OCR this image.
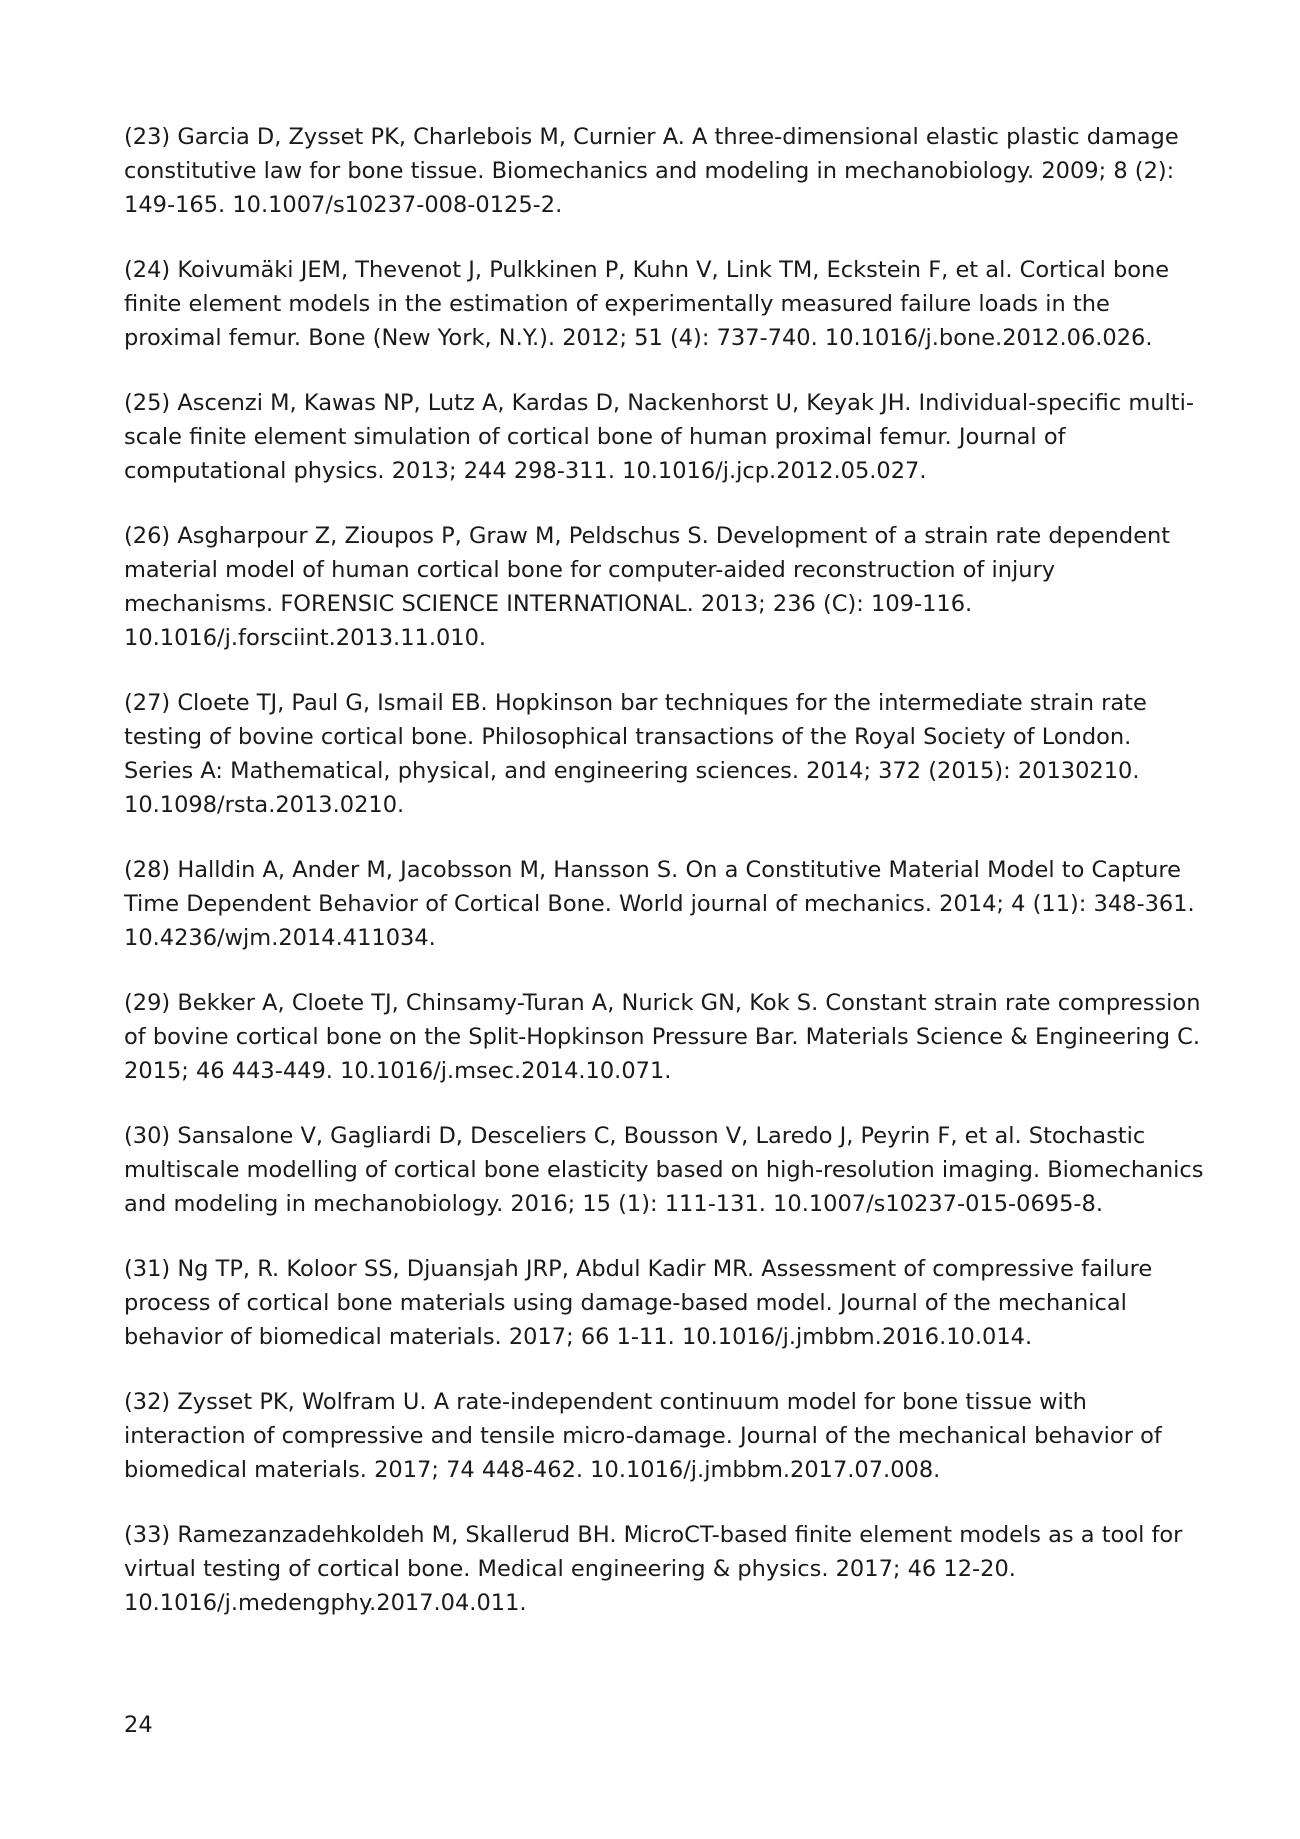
(23) Garcia D, Zysset PK, Charlebois M, Curnier A. A three-dimensional elastic plastic damage constitutive law for bone tissue. Biomechanics and modeling in mechanobiology. 2009; 8 (2): 149-165. 10.1007/s10237-008-0125-2.
(24) Koivumäki JEM, Thevenot J, Pulkkinen P, Kuhn V, Link TM, Eckstein F, et al. Cortical bone finite element models in the estimation of experimentally measured failure loads in the proximal femur. Bone (New York, N.Y.). 2012; 51 (4): 737-740. 10.1016/j.bone.2012.06.026.
(25) Ascenzi M, Kawas NP, Lutz A, Kardas D, Nackenhorst U, Keyak JH. Individual-specific multi-scale finite element simulation of cortical bone of human proximal femur. Journal of computational physics. 2013; 244 298-311. 10.1016/j.jcp.2012.05.027.
(26) Asgharpour Z, Zioupos P, Graw M, Peldschus S. Development of a strain rate dependent material model of human cortical bone for computer-aided reconstruction of injury mechanisms. FORENSIC SCIENCE INTERNATIONAL. 2013; 236 (C): 109-116. 10.1016/j.forsciint.2013.11.010.
(27) Cloete TJ, Paul G, Ismail EB. Hopkinson bar techniques for the intermediate strain rate testing of bovine cortical bone. Philosophical transactions of the Royal Society of London. Series A: Mathematical, physical, and engineering sciences. 2014; 372 (2015): 20130210. 10.1098/rsta.2013.0210.
(28) Halldin A, Ander M, Jacobsson M, Hansson S. On a Constitutive Material Model to Capture Time Dependent Behavior of Cortical Bone. World journal of mechanics. 2014; 4 (11): 348-361. 10.4236/wjm.2014.411034.
(29) Bekker A, Cloete TJ, Chinsamy-Turan A, Nurick GN, Kok S. Constant strain rate compression of bovine cortical bone on the Split-Hopkinson Pressure Bar. Materials Science & Engineering C. 2015; 46 443-449. 10.1016/j.msec.2014.10.071.
(30) Sansalone V, Gagliardi D, Desceliers C, Bousson V, Laredo J, Peyrin F, et al. Stochastic multiscale modelling of cortical bone elasticity based on high-resolution imaging. Biomechanics and modeling in mechanobiology. 2016; 15 (1): 111-131. 10.1007/s10237-015-0695-8.
(31) Ng TP, R. Koloor SS, Djuansjah JRP, Abdul Kadir MR. Assessment of compressive failure process of cortical bone materials using damage-based model. Journal of the mechanical behavior of biomedical materials. 2017; 66 1-11. 10.1016/j.jmbbm.2016.10.014.
(32) Zysset PK, Wolfram U. A rate-independent continuum model for bone tissue with interaction of compressive and tensile micro-damage. Journal of the mechanical behavior of biomedical materials. 2017; 74 448-462. 10.1016/j.jmbbm.2017.07.008.
(33) Ramezanzadehkoldeh M, Skallerud BH. MicroCT-based finite element models as a tool for virtual testing of cortical bone. Medical engineering & physics. 2017; 46 12-20. 10.1016/j.medengphy.2017.04.011.
24
